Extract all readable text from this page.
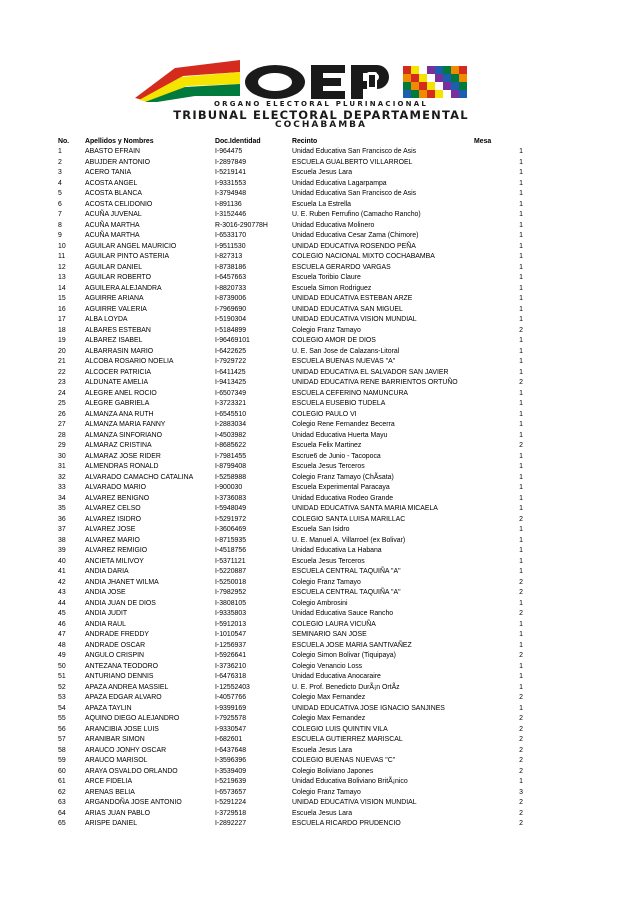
ORGANO ELECTORAL PLURINACIONAL
TRIBUNAL ELECTORAL DEPARTAMENTAL
COCHABAMBA
No.	Apellidos y Nombres	Doc.Identidad	Recinto	Mesa
1	ABASTO EFRAIN	I-964475	Unidad Educativa San Francisco de Asis	1
2	ABUJDER ANTONIO	I-2897849	ESCUELA GUALBERTO VILLARROEL	1
3	ACERO TANIA	I-5219141	Escuela Jesus Lara	1
4	ACOSTA ANGEL	I-9331553	Unidad Educativa Lagarpampa	1
5	ACOSTA BLANCA	I-3794948	Unidad Educativa San Francisco de Asis	1
6	ACOSTA CELIDONIO	I-891136	Escuela La Estrella	1
7	ACUÑA JUVENAL	I-3152446	U. E. Ruben Ferrufino (Camacho Rancho)	1
8	ACUÑA MARTHA	R-3016-290778H	Unidad Educativa Molinero	1
9	ACUÑA MARTHA	I-6533170	Unidad Educativa Cesar Zama (Chimore)	1
10	AGUILAR ANGEL MAURICIO	I-9511530	UNIDAD EDUCATIVA ROSENDO PEÑA	1
11	AGUILAR PINTO ASTERIA	I-827313	COLEGIO NACIONAL MIXTO COCHABAMBA	1
12	AGUILAR DANIEL	I-8738186	ESCUELA GERARDO VARGAS	1
13	AGUILAR ROBERTO	I-6457663	Escuela Toribio Claure	1
14	AGUILERA ALEJANDRA	I-8820733	Escuela Simon Rodriguez	1
15	AGUIRRE ARIANA	I-8739006	UNIDAD EDUCATIVA ESTEBAN ARZE	1
16	AGUIRRE VALERIA	I-7969690	UNIDAD EDUCATIVA SAN MIGUEL	1
17	ALBA LOYDA	I-5190304	UNIDAD EDUCATIVA VISION MUNDIAL	1
18	ALBARES ESTEBAN	I-5184899	Colegio Franz Tamayo	2
19	ALBAREZ ISABEL	I-96469101	COLEGIO AMOR DE DIOS	1
20	ALBARRASIN MARIO	I-6422625	U. E. San Jose de Calazans-Litoral	1
21	ALCOBA ROSARIO NOELIA	I-7929722	ESCUELA BUENAS NUEVAS "A"	1
22	ALCOCER PATRICIA	I-6411425	UNIDAD EDUCATIVA EL SALVADOR SAN JAVIER	1
23	ALDUNATE AMELIA	I-9413425	UNIDAD EDUCATIVA RENE BARRIENTOS ORTUÑO	2
24	ALEGRE ANEL ROCIO	I-6507349	ESCUELA CEFERINO NAMUNCURA	1
25	ALEGRE GABRIELA	I-3723321	ESCUELA EUSEBIO TUDELA	1
26	ALMANZA ANA RUTH	I-6545510	COLEGIO PAULO VI	1
27	ALMANZA MARIA FANNY	I-2883034	Colegio Rene Fernandez Becerra	1
28	ALMANZA SINFORIANO	I-4503982	Unidad Educativa Huerta Mayu	1
29	ALMARAZ CRISTINA	I-8685622	Escuela Felix Martinez	2
30	ALMARAZ JOSE RIDER	I-7981455	Escrue6 de Junio - Tacopoca	1
31	ALMENDRAS RONALD	I-8799408	Escuela Jesus Terceros	1
32	ALVARADO CAMACHO CATALINA	I-5258988	Colegio Franz Tamayo (ChÃsata)	1
33	ALVARADO MARIO	I-900030	Escuela Experimental Paracaya	1
34	ALVAREZ BENIGNO	I-3736083	Unidad Educativa Rodeo Grande	1
35	ALVAREZ CELSO	I-5948049	UNIDAD EDUCATIVA SANTA MARIA MICAELA	1
36	ALVAREZ ISIDRO	I-5291972	COLEGIO SANTA LUISA MARILLAC	2
37	ALVAREZ JOSE	I-3606469	Escuela San Isidro	1
38	ALVAREZ MARIO	I-8715935	U. E. Manuel A. Villarroel (ex Bolivar)	1
39	ALVAREZ REMIGIO	I-4518756	Unidad Educativa La Habana	1
40	ANCIETA MILIVOY	I-5371121	Escuela Jesus Terceros	1
41	ANDIA DARIA	I-5220887	ESCUELA CENTRAL TAQUIÑA "A"	1
42	ANDIA JHANET WILMA	I-5250018	Colegio Franz Tamayo	2
43	ANDIA JOSE	I-7982952	ESCUELA CENTRAL TAQUIÑA "A"	2
44	ANDIA JUAN DE DIOS	I-3808105	Colegio Ambrosini	1
45	ANDIA JUDIT	I-9335803	Unidad Educativa Sauce Rancho	2
46	ANDIA RAUL	I-5912013	COLEGIO LAURA VICUÑA	1
47	ANDRADE FREDDY	I-1010547	SEMINARIO SAN JOSE	1
48	ANDRADE OSCAR	I-1256937	ESCUELA JOSE MARIA SANTIVAÑEZ	1
49	ANGULO CRISPIN	I-5926641	Colegio Simon Bolivar (Tiquipaya)	2
50	ANTEZANA TEODORO	I-3736210	Colegio Venancio Loss	1
51	ANTURIANO DENNIS	I-6476318	Unidad Educativa Anocaraire	1
52	APAZA ANDREA MASSIEL	I-12552403	U. E. Prof. Benedicto DurÃ¡n OrtÃz	1
53	APAZA EDGAR ALVARO	I-4057766	Colegio Max Fernandez	2
54	APAZA TAYLIN	I-9399169	UNIDAD EDUCATIVA JOSE IGNACIO SANJINES	1
55	AQUINO DIEGO ALEJANDRO	I-7925578	Colegio Max Fernandez	2
56	ARANCIBIA JOSE LUIS	I-9330547	COLEGIO LUIS QUINTIN VILA	2
57	ARANIBAR SIMON	I-682601	ESCUELA GUTIERREZ MARISCAL	2
58	ARAUCO JONHY OSCAR	I-6437648	Escuela Jesus Lara	2
59	ARAUCO MARISOL	I-3596396	COLEGIO BUENAS NUEVAS "C"	2
60	ARAYA OSVALDO ORLANDO	I-3539409	Colegio Boliviano Japones	2
61	ARCE FIDELIA	I-5219639	Unidad Educativa Boliviano BritÃ¡nico	1
62	ARENAS BELIA	I-6573657	Colegio Franz Tamayo	3
63	ARGANDOÑA JOSE ANTONIO	I-5291224	UNIDAD EDUCATIVA VISION MUNDIAL	2
64	ARIAS JUAN PABLO	I-3729518	Escuela Jesus Lara	2
65	ARISPE DANIEL	I-2892227	ESCUELA RICARDO PRUDENCIO	2
